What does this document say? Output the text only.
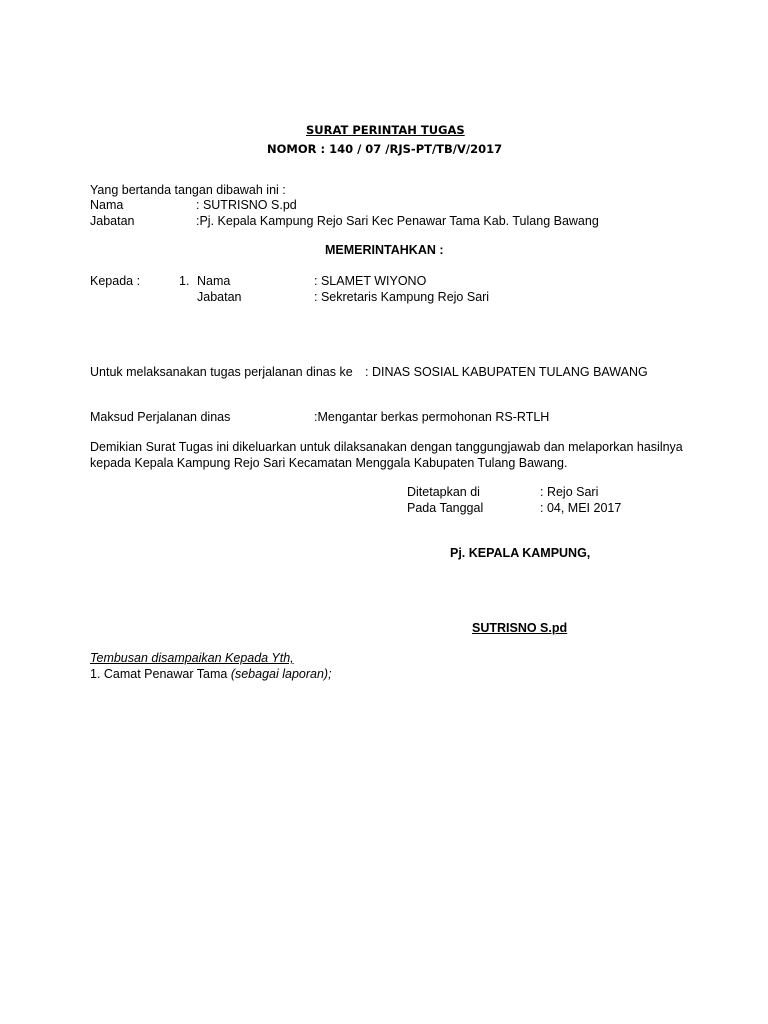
SURAT PERINTAH TUGAS
NOMOR : 140 / 07 /RJS-PT/TB/V/2017
Yang bertanda tangan dibawah ini :
Nama	: SUTRISNO S.pd
Jabatan	:Pj. Kepala Kampung Rejo Sari Kec Penawar Tama Kab. Tulang Bawang
MEMERINTAHKAN :
Kepada :	1. Nama	: SLAMET WIYONO
Jabatan	: Sekretaris Kampung Rejo Sari
Untuk melaksanakan tugas perjalanan dinas ke : DINAS SOSIAL KABUPATEN TULANG BAWANG
Maksud Perjalanan dinas	:Mengantar berkas permohonan RS-RTLH
Demikian Surat Tugas ini dikeluarkan untuk dilaksanakan dengan tanggungjawab dan melaporkan hasilnya
kepada Kepala Kampung Rejo Sari Kecamatan Menggala Kabupaten Tulang Bawang.
Ditetapkan di	: Rejo Sari
Pada Tanggal	: 04, MEI 2017
Pj. KEPALA KAMPUNG,
SUTRISNO S.pd
Tembusan disampaikan Kepada Yth,
1. Camat Penawar Tama (sebagai laporan);
